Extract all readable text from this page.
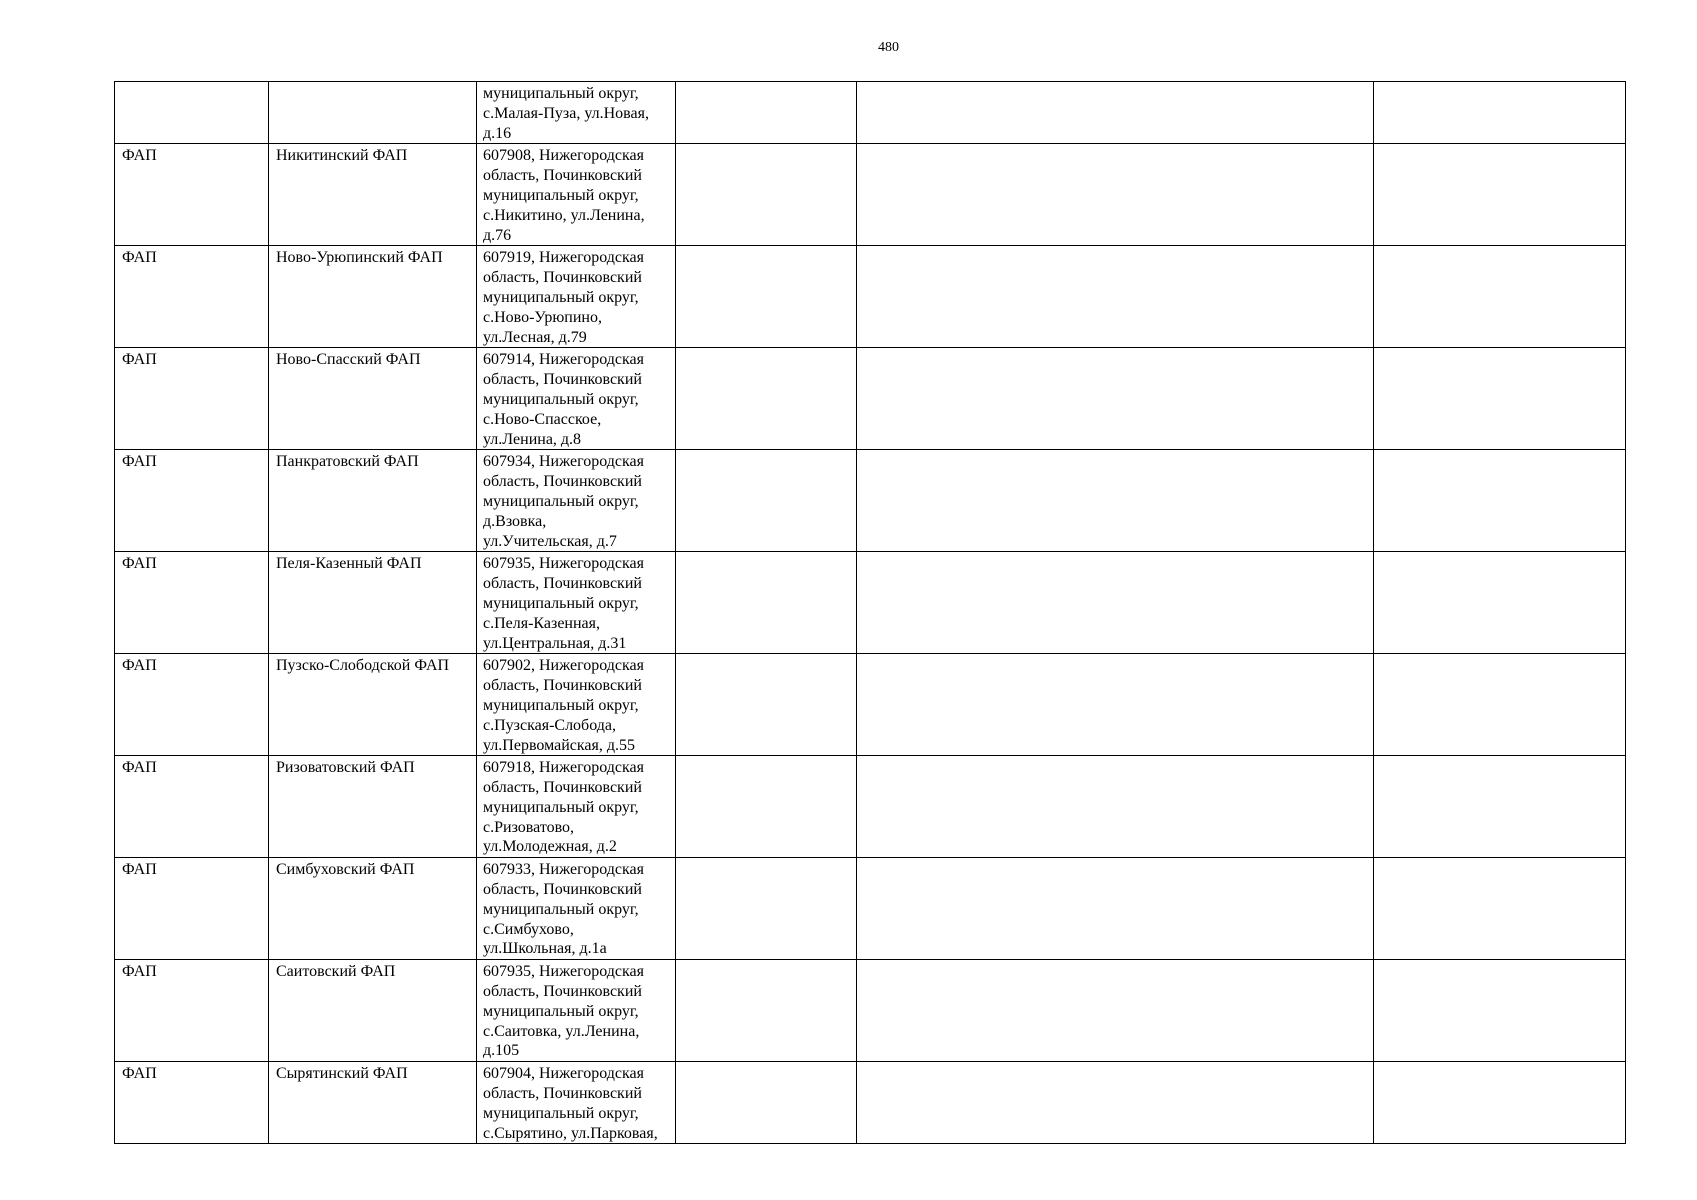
480

		муниципальный округ,
с.Малая-Пуза, ул.Новая,
д.16			

ФАП	Никитинский ФАП	607908, Нижегородская
область, Починковский
муниципальный округ,
с.Никитино, ул.Ленина,
д.76			

ФАП	Ново-Урюпинский ФАП	607919, Нижегородская
область, Починковский
муниципальный округ,
с.Ново-Урюпино,
ул.Лесная, д.79			

ФАП	Ново-Спасский ФАП	607914, Нижегородская
область, Починковский
муниципальный округ,
с.Ново-Спасское,
ул.Ленина, д.8			

ФАП	Панкратовский ФАП	607934, Нижегородская
область, Починковский
муниципальный округ,
д.Взовка,
ул.Учительская, д.7			

ФАП	Пеля-Казенный ФАП	607935, Нижегородская
область, Починковский
муниципальный округ,
с.Пеля-Казенная,
ул.Центральная, д.31			

ФАП	Пузско-Слободской ФАП	607902, Нижегородская
область, Починковский
муниципальный округ,
с.Пузская-Слобода,
ул.Первомайская, д.55			

ФАП	Ризоватовский ФАП	607918, Нижегородская
область, Починковский
муниципальный округ,
с.Ризоватово,
ул.Молодежная, д.2			

ФАП	Симбуховский ФАП	607933, Нижегородская
область, Починковский
муниципальный округ,
с.Симбухово,
ул.Школьная, д.1а			

ФАП	Саитовский ФАП	607935, Нижегородская
область, Починковский
муниципальный округ,
с.Саитовка, ул.Ленина,
д.105			

ФАП	Сырятинский ФАП	607904, Нижегородская
область, Починковский
муниципальный округ,
с.Сырятино, ул.Парковая,			
